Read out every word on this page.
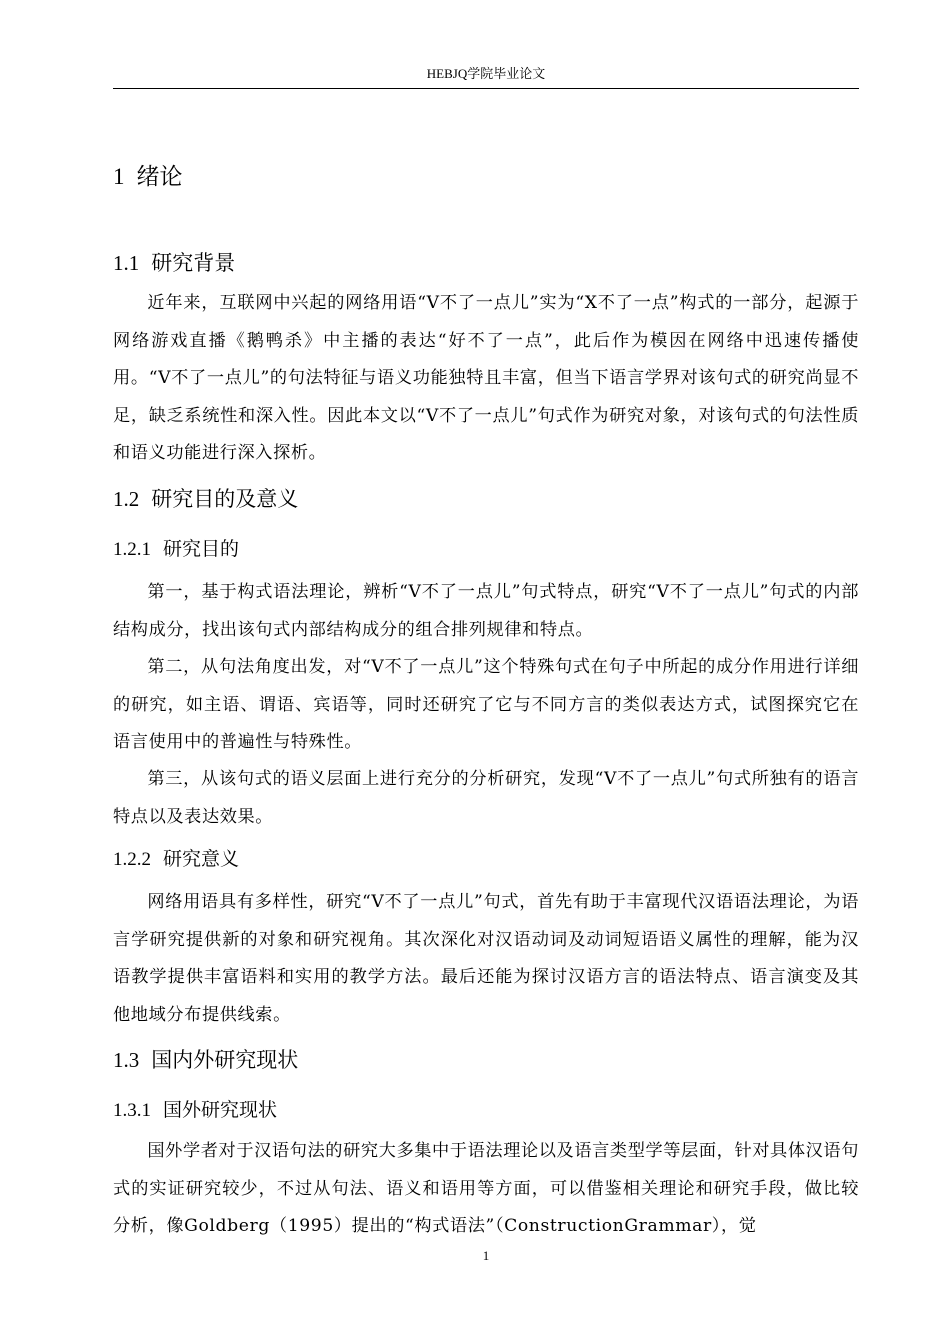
HEBJQ学院毕业论文
1 绪论
1.1 研究背景

近年来，互联网中兴起的网络用语“V不了一点儿”实为“X不了一点”构式的一部分，起源于网络游戏直播《鹅鸭杀》中主播的表达“好不了一点”，此后作为模因在网络中迅速传播使用。“V不了一点儿”的句法特征与语义功能独特且丰富，但当下语言学界对该句式的研究尚显不足，缺乏系统性和深入性。因此本文以“V不了一点儿”句式作为研究对象，对该句式的句法性质和语义功能进行深入探析。

1.2 研究目的及意义
1.2.1 研究目的

第一，基于构式语法理论，辨析“V不了一点儿”句式特点，研究“V不了一点儿”句式的内部结构成分，找出该句式内部结构成分的组合排列规律和特点。

第二，从句法角度出发，对“V不了一点儿”这个特殊句式在句子中所起的成分作用进行详细的研究，如主语、谓语、宾语等，同时还研究了它与不同方言的类似表达方式，试图探究它在语言使用中的普遍性与特殊性。

第三，从该句式的语义层面上进行充分的分析研究，发现“V不了一点儿”句式所独有的语言特点以及表达效果。

1.2.2 研究意义

网络用语具有多样性，研究“V不了一点儿”句式，首先有助于丰富现代汉语语法理论，为语言学研究提供新的对象和研究视角。其次深化对汉语动词及动词短语语义属性的理解，能为汉语教学提供丰富语料和实用的教学方法。最后还能为探讨汉语方言的语法特点、语言演变及其他地域分布提供线索。

1.3 国内外研究现状
1.3.1 国外研究现状

国外学者对于汉语句法的研究大多集中于语法理论以及语言类型学等层面，针对具体汉语句式的实证研究较少，不过从句法、语义和语用等方面，可以借鉴相关理论和研究手段，做比较分析，像Goldberg（1995）提出的“构式语法”（ConstructionGrammar），觉

1
